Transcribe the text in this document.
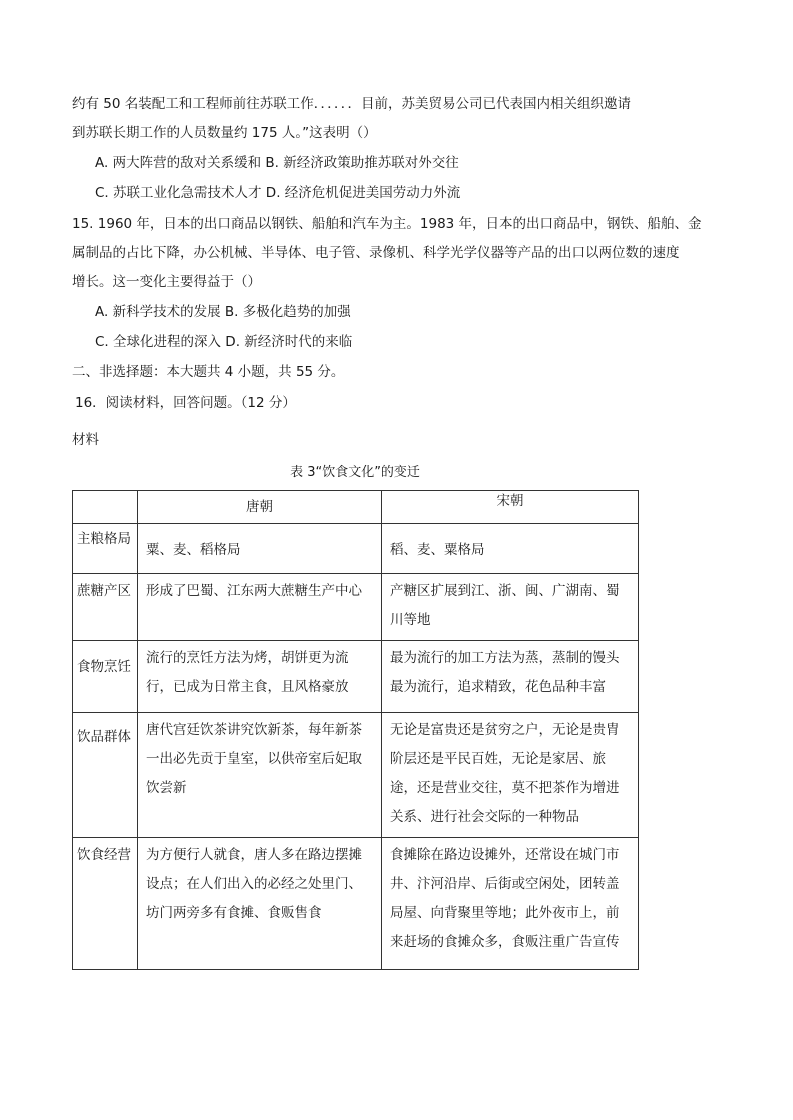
约有 50 名装配工和工程师前往苏联工作．．．．．．目前，苏美贸易公司已代表国内相关组织邀请
到苏联长期工作的人员数量约 175 人。”这表明（）
A. 两大阵营的敌对关系缓和 B. 新经济政策助推苏联对外交往
C. 苏联工业化急需技术人才 D. 经济危机促进美国劳动力外流
15. 1960 年，日本的出口商品以钢铁、船舶和汽车为主。1983 年，日本的出口商品中，钢铁、船舶、金
属制品的占比下降，办公机械、半导体、电子管、录像机、科学光学仪器等产品的出口以两位数的速度
增长。这一变化主要得益于（）
A. 新科学技术的发展 B. 多极化趋势的加强
C. 全球化进程的深入 D. 新经济时代的来临
二、非选择题：本大题共 4 小题，共 55 分。
16．阅读材料，回答问题。（12 分）
材料
表 3“饮食文化”的变迁
	唐朝	宋朝
主粮格局	粟、麦、稻格局	稻、麦、粟格局
蔗糖产区	形成了巴蜀、江东两大蔗糖生产中心	产糖区扩展到江、浙、闽、广湖南、蜀川等地
食物烹饪	流行的烹饪方法为烤，胡饼更为流行，已成为日常主食，且风格豪放	最为流行的加工方法为蒸，蒸制的馒头最为流行，追求精致，花色品种丰富
饮品群体	唐代宫廷饮茶讲究饮新茶，每年新茶一出必先贡于皇室，以供帝室后妃取饮尝新	无论是富贵还是贫穷之户，无论是贵胄阶层还是平民百姓，无论是家居、旅途，还是营业交往，莫不把茶作为增进关系、进行社会交际的一种物品
饮食经营	为方便行人就食，唐人多在路边摆摊设点；在人们出入的必经之处里门、坊门两旁多有食摊、食贩售食	食摊除在路边设摊外，还常设在城门市井、汴河沿岸、后街或空闲处，团转盖局屋、向背聚里等地；此外夜市上，前来赶场的食摊众多，食贩注重广告宣传
